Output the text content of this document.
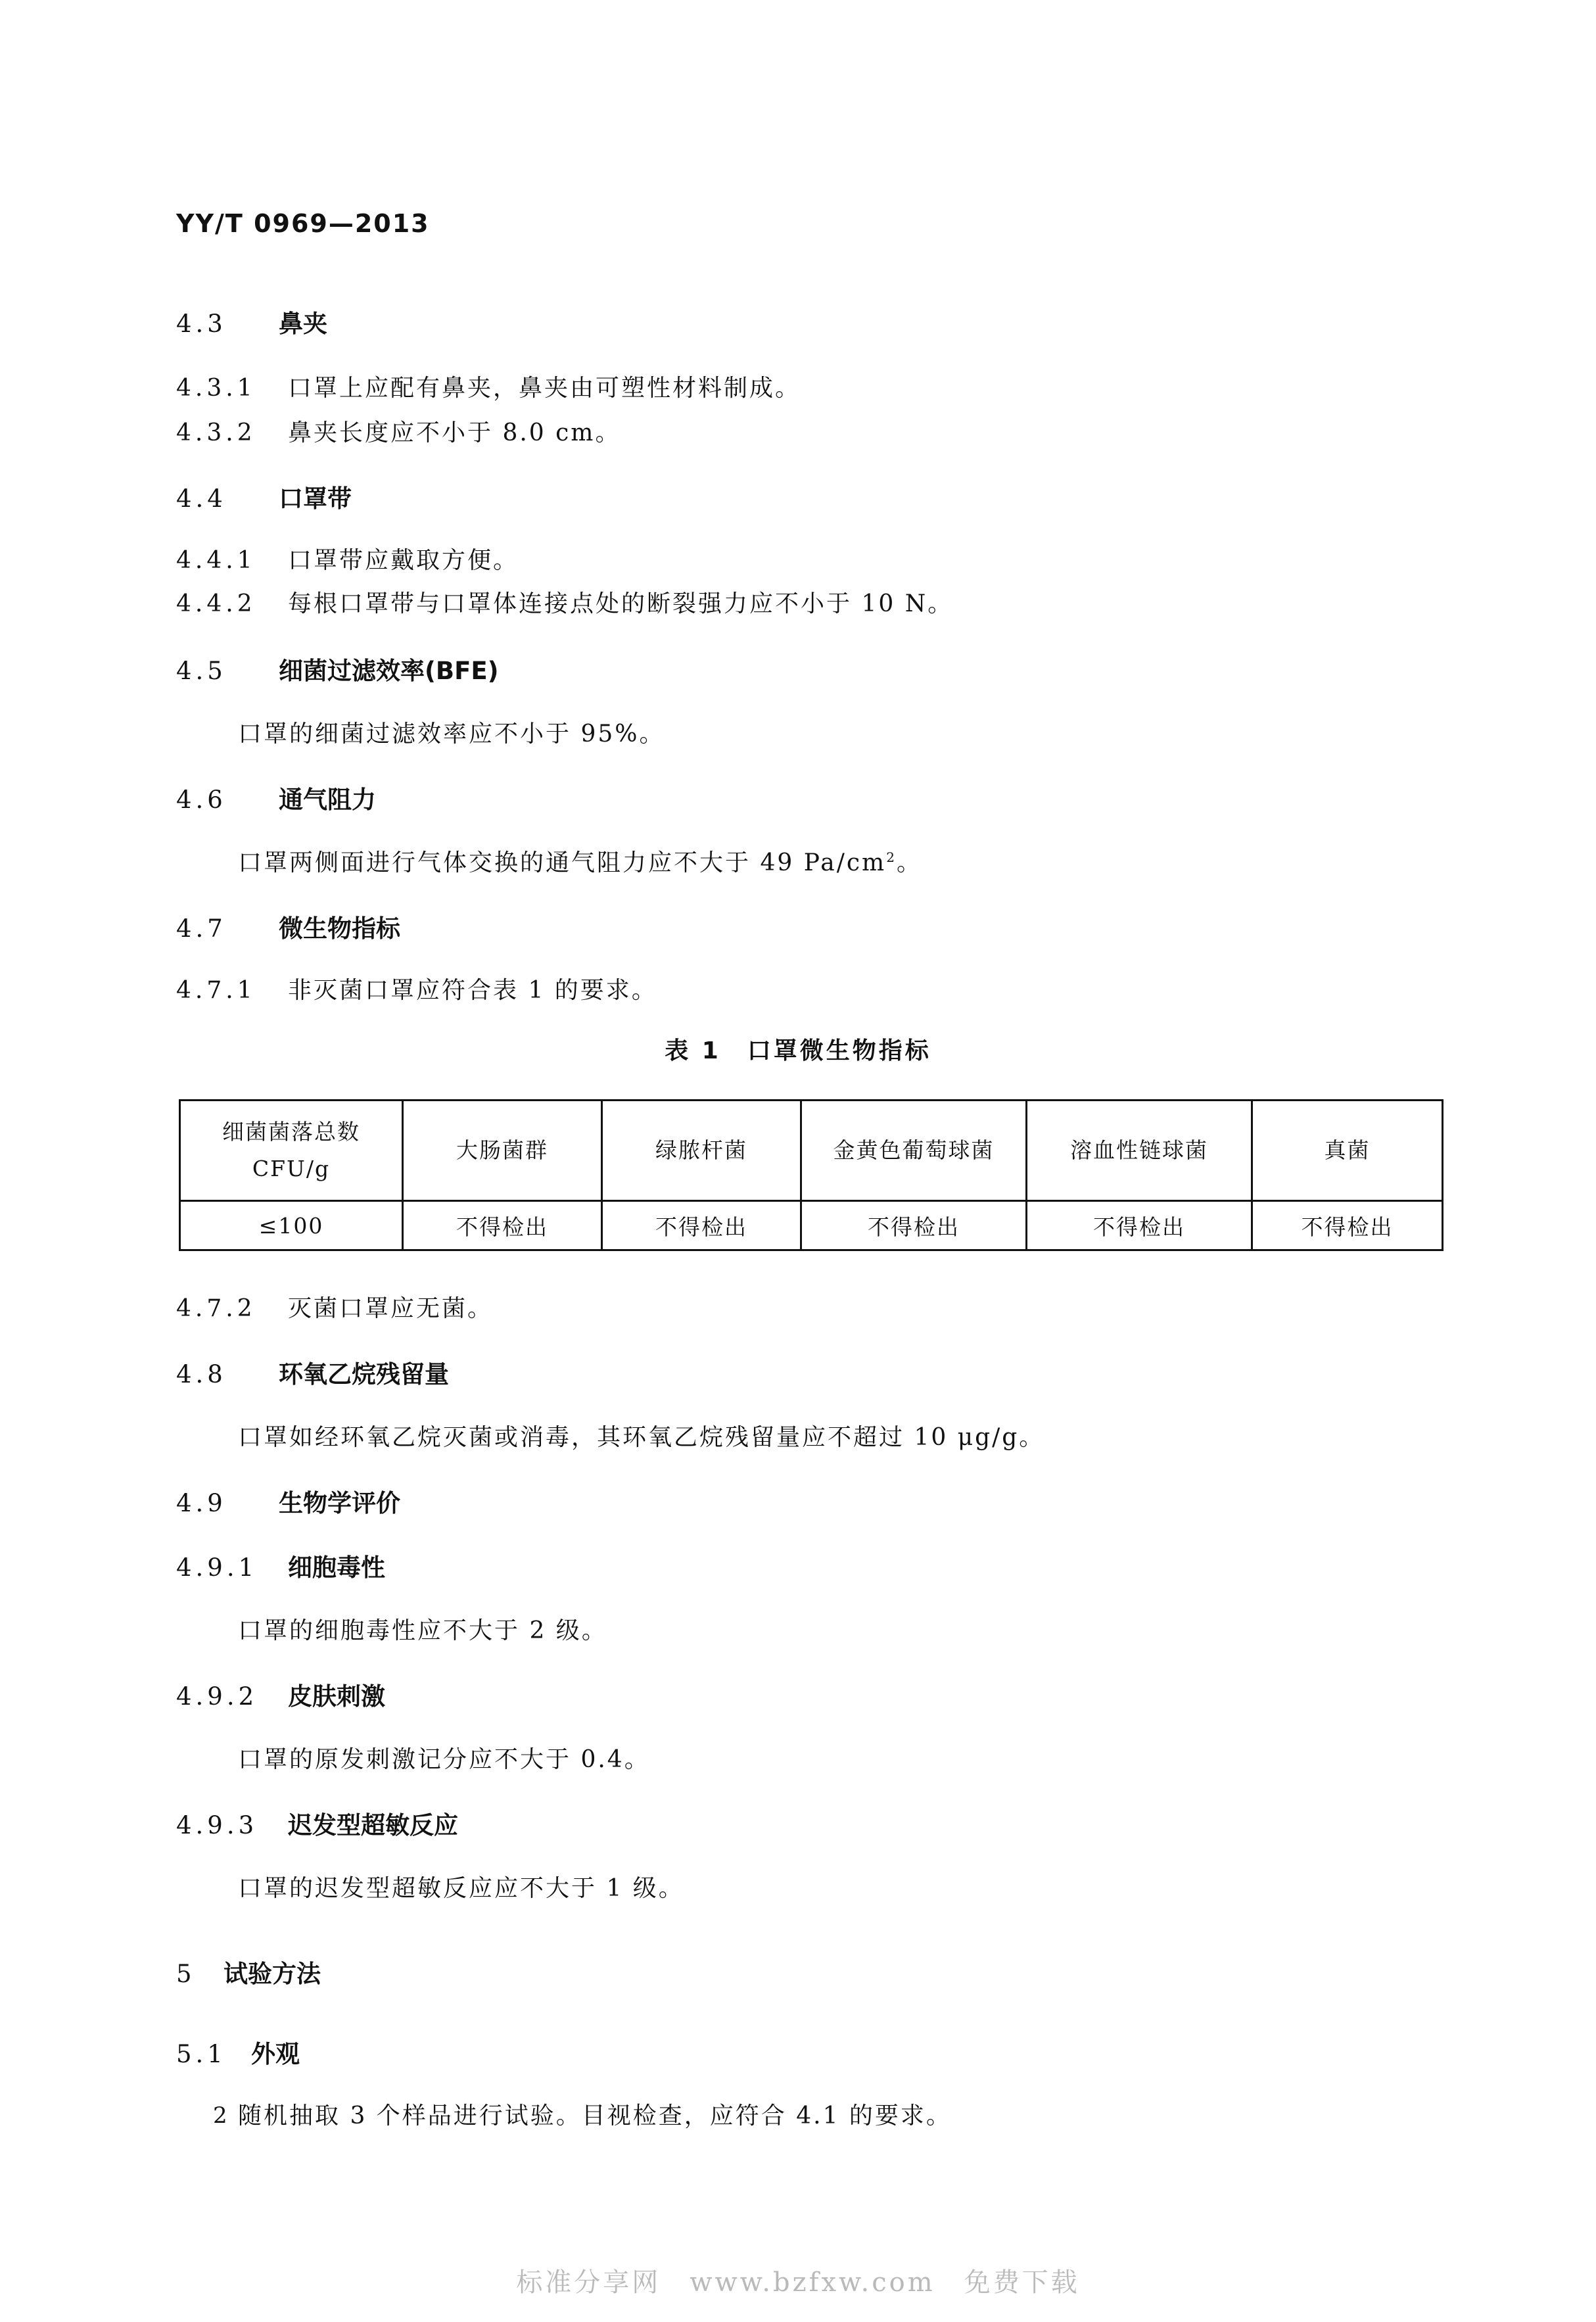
YY/T 0969—2013
4.3 鼻夹
4.3.1 口罩上应配有鼻夹，鼻夹由可塑性材料制成。
4.3.2 鼻夹长度应不小于 8.0 cm。
4.4 口罩带
4.4.1 口罩带应戴取方便。
4.4.2 每根口罩带与口罩体连接点处的断裂强力应不小于 10 N。
4.5 细菌过滤效率(BFE)
口罩的细菌过滤效率应不小于 95%。
4.6 通气阻力
口罩两侧面进行气体交换的通气阻力应不大于 49 $Pa/cm^2$。
4.7 微生物指标
4.7.1 非灭菌口罩应符合表 1 的要求。
表 1　口罩微生物指标
细菌菌落总数
CFU/g	大肠菌群	绿脓杆菌	金黄色葡萄球菌	溶血性链球菌	真菌
≤100	不得检出	不得检出	不得检出	不得检出	不得检出
4.7.2 灭菌口罩应无菌。
4.8 环氧乙烷残留量
口罩如经环氧乙烷灭菌或消毒，其环氧乙烷残留量应不超过 10 μg/g。
4.9 生物学评价
4.9.1 细胞毒性
口罩的细胞毒性应不大于 2 级。
4.9.2 皮肤刺激
口罩的原发刺激记分应不大于 0.4。
4.9.3 迟发型超敏反应
口罩的迟发型超敏反应应不大于 1 级。
5 试验方法
5.1 外观
随机抽取 3 个样品进行试验。目视检查，应符合 4.1 的要求。
2
标准分享网　www.bzfxw.com　免费下载
